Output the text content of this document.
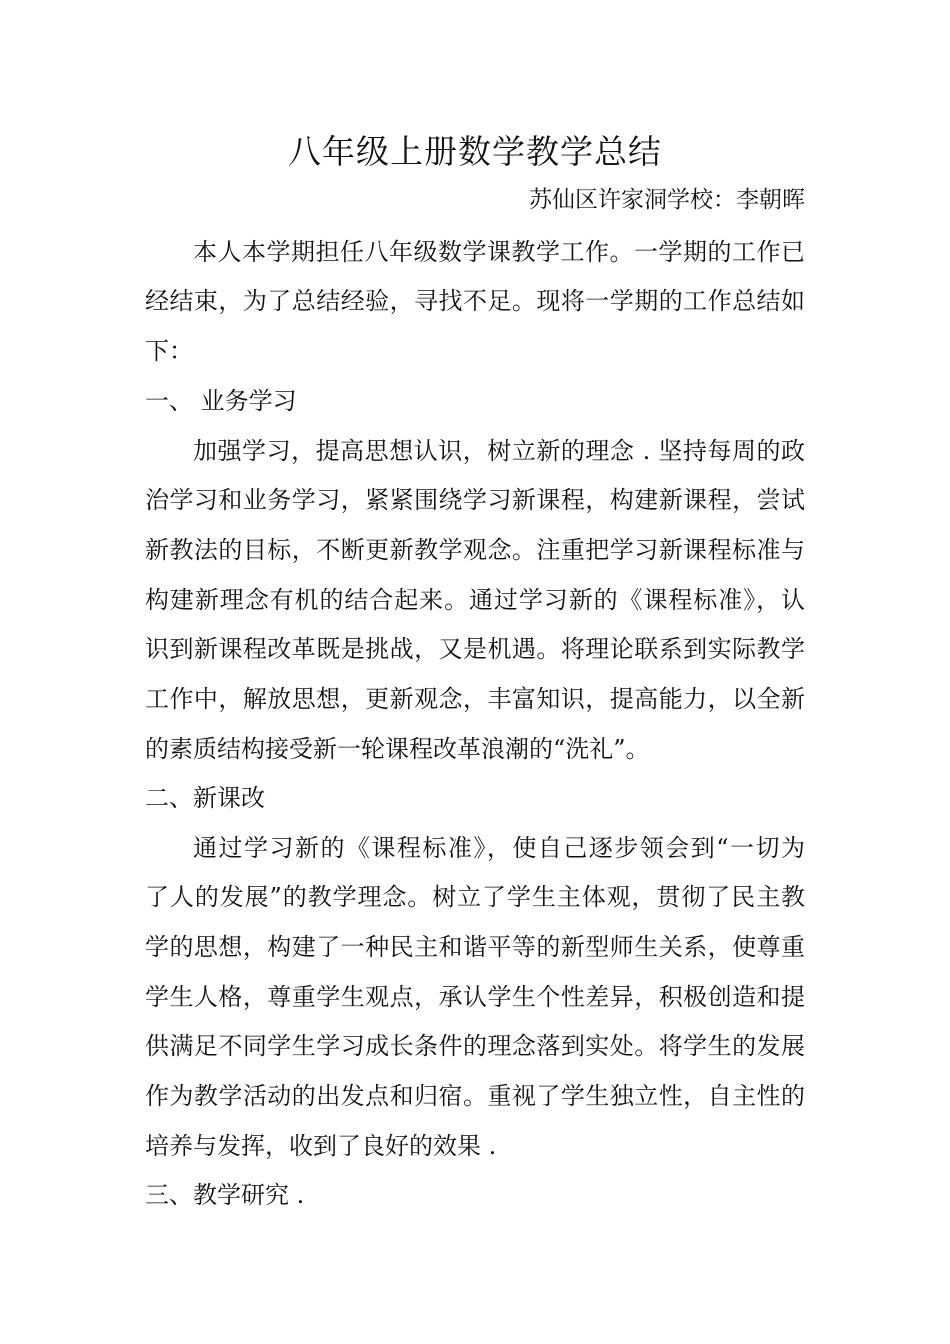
八年级上册数学教学总结
苏仙区许家洞学校：李朝晖
本人本学期担任八年级数学课教学工作。一学期的工作已
经结束，为了总结经验，寻找不足。现将一学期的工作总结如
下：
一、 业务学习
加强学习，提高思想认识，树立新的理念 . 坚持每周的政
治学习和业务学习，紧紧围绕学习新课程，构建新课程，尝试
新教法的目标，不断更新教学观念。注重把学习新课程标准与
构建新理念有机的结合起来。通过学习新的《课程标准》，认
识到新课程改革既是挑战，又是机遇。将理论联系到实际教学
工作中，解放思想，更新观念，丰富知识，提高能力，以全新
的素质结构接受新一轮课程改革浪潮的“洗礼”。
二、新课改
通过学习新的《课程标准》，使自己逐步领会到“一切为
了人的发展”的教学理念。树立了学生主体观，贯彻了民主教
学的思想，构建了一种民主和谐平等的新型师生关系，使尊重
学生人格，尊重学生观点，承认学生个性差异，积极创造和提
供满足不同学生学习成长条件的理念落到实处。将学生的发展
作为教学活动的出发点和归宿。重视了学生独立性，自主性的
培养与发挥，收到了良好的效果 .
三、教学研究 .
